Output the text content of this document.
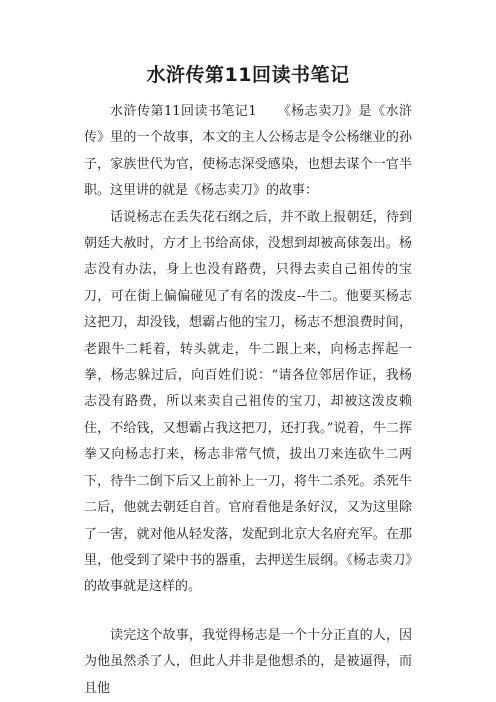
水浒传第11回读书笔记

水浒传第11回读书笔记1　　《杨志卖刀》是《水浒传》里的一个故事，本文的主人公杨志是令公杨继业的孙子，家族世代为官，使杨志深受感染，也想去谋个一官半职。这里讲的就是《杨志卖刀》的故事：

话说杨志在丢失花石纲之后，并不敢上报朝廷，待到朝廷大赦时，方才上书给高俅，没想到却被高俅轰出。杨志没有办法，身上也没有路费，只得去卖自己祖传的宝刀，可在街上偏偏碰见了有名的泼皮--牛二。他要买杨志这把刀，却没钱，想霸占他的宝刀，杨志不想浪费时间，老跟牛二耗着，转头就走，牛二跟上来，向杨志挥起一拳，杨志躲过后，向百姓们说：“请各位邻居作证，我杨志没有路费，所以来卖自己祖传的宝刀，却被这泼皮赖住，不给钱，又想霸占我这把刀，还打我。”说着，牛二挥拳又向杨志打来，杨志非常气愤，拔出刀来连砍牛二两下，待牛二倒下后又上前补上一刀，将牛二杀死。杀死牛二后，他就去朝廷自首。官府看他是条好汉，又为这里除了一害，就对他从轻发落，发配到北京大名府充军。在那里，他受到了梁中书的器重，去押送生辰纲。《杨志卖刀》的故事就是这样的。

读完这个故事，我觉得杨志是一个十分正直的人，因为他虽然杀了人，但此人并非是他想杀的，是被逼得，而且他
